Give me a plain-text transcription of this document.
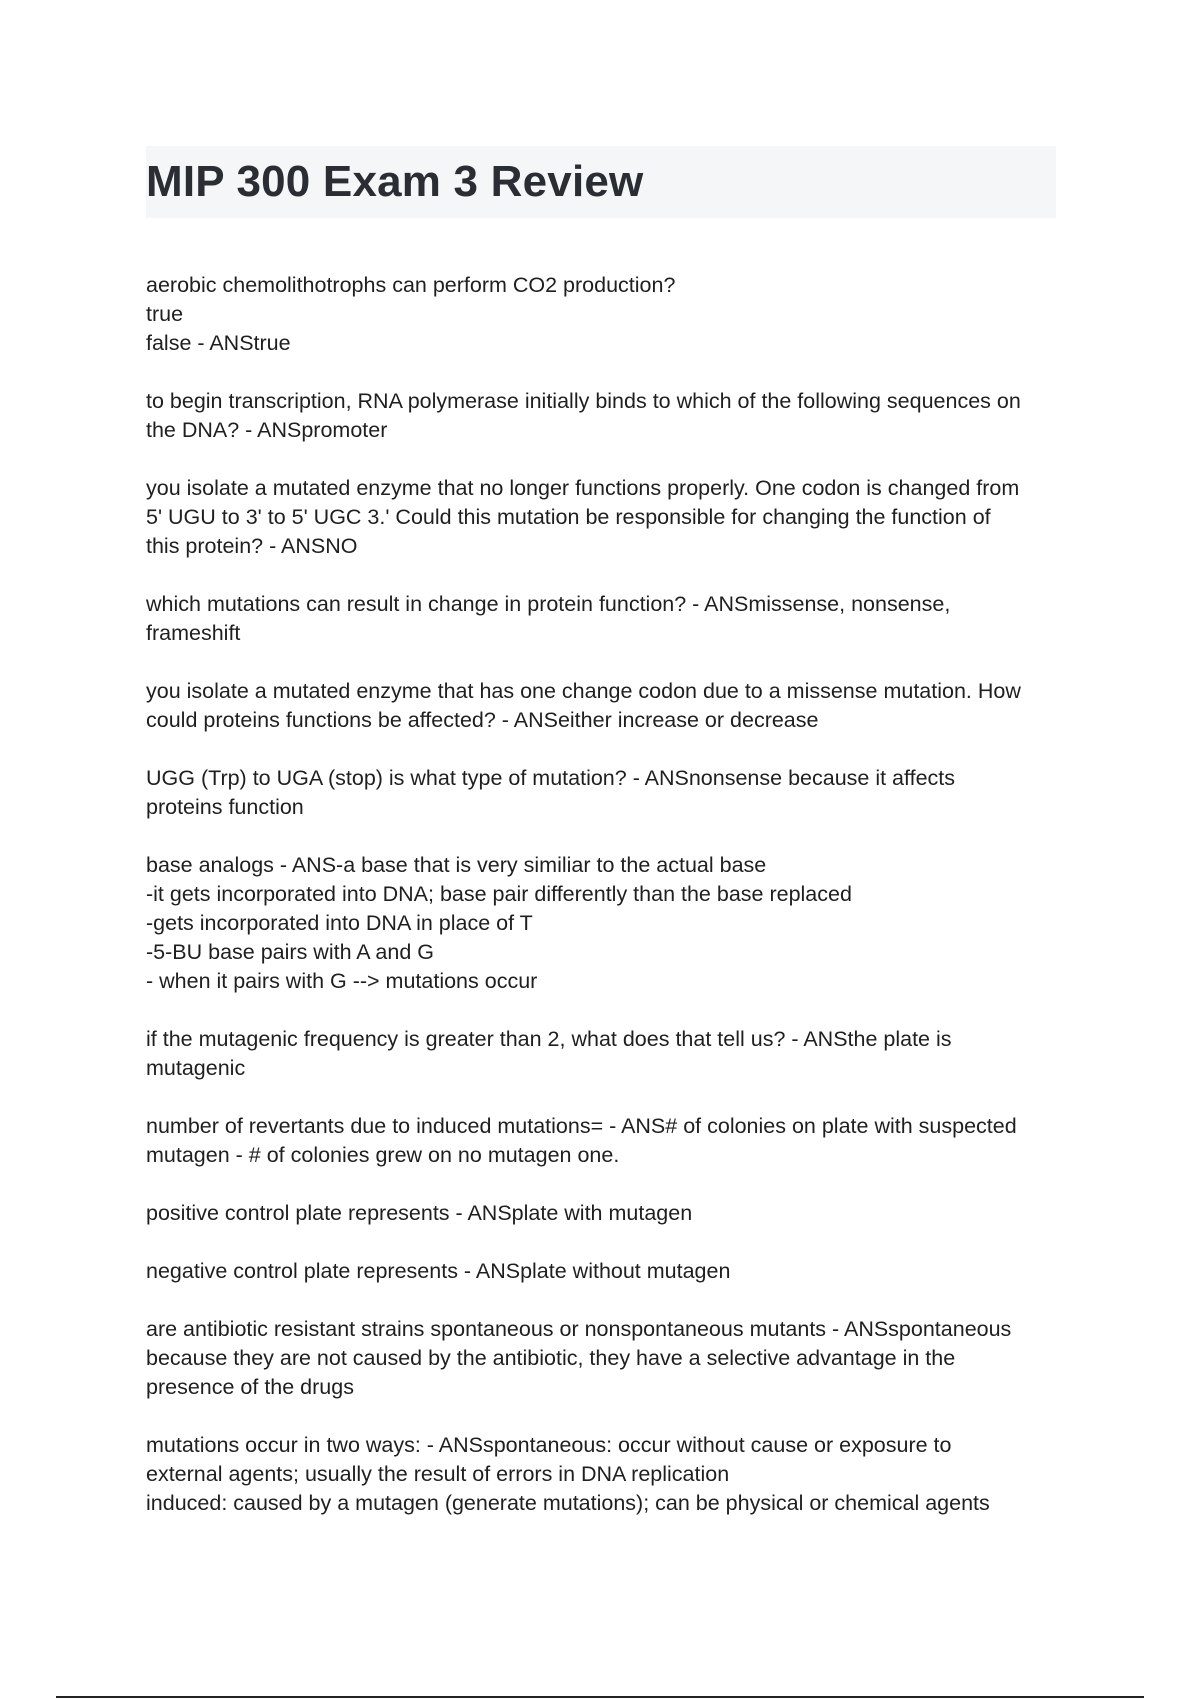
MIP 300 Exam 3 Review
aerobic chemolithotrophs can perform CO2 production?
true
false - ANStrue
to begin transcription, RNA polymerase initially binds to which of the following sequences on
the DNA? - ANSpromoter
you isolate a mutated enzyme that no longer functions properly. One codon is changed from
5' UGU to 3' to 5' UGC 3.' Could this mutation be responsible for changing the function of
this protein? - ANSNO
which mutations can result in change in protein function? - ANSmissense, nonsense,
frameshift
you isolate a mutated enzyme that has one change codon due to a missense mutation. How
could proteins functions be affected? - ANSeither increase or decrease
UGG (Trp) to UGA (stop) is what type of mutation? - ANSnonsense because it affects
proteins function
base analogs - ANS-a base that is very similiar to the actual base
-it gets incorporated into DNA; base pair differently than the base replaced
-gets incorporated into DNA in place of T
-5-BU base pairs with A and G
- when it pairs with G --> mutations occur
if the mutagenic frequency is greater than 2, what does that tell us? - ANSthe plate is
mutagenic
number of revertants due to induced mutations= - ANS# of colonies on plate with suspected
mutagen - # of colonies grew on no mutagen one.
positive control plate represents - ANSplate with mutagen
negative control plate represents - ANSplate without mutagen
are antibiotic resistant strains spontaneous or nonspontaneous mutants - ANSspontaneous
because they are not caused by the antibiotic, they have a selective advantage in the
presence of the drugs
mutations occur in two ways: - ANSspontaneous: occur without cause or exposure to
external agents; usually the result of errors in DNA replication
induced: caused by a mutagen (generate mutations); can be physical or chemical agents
